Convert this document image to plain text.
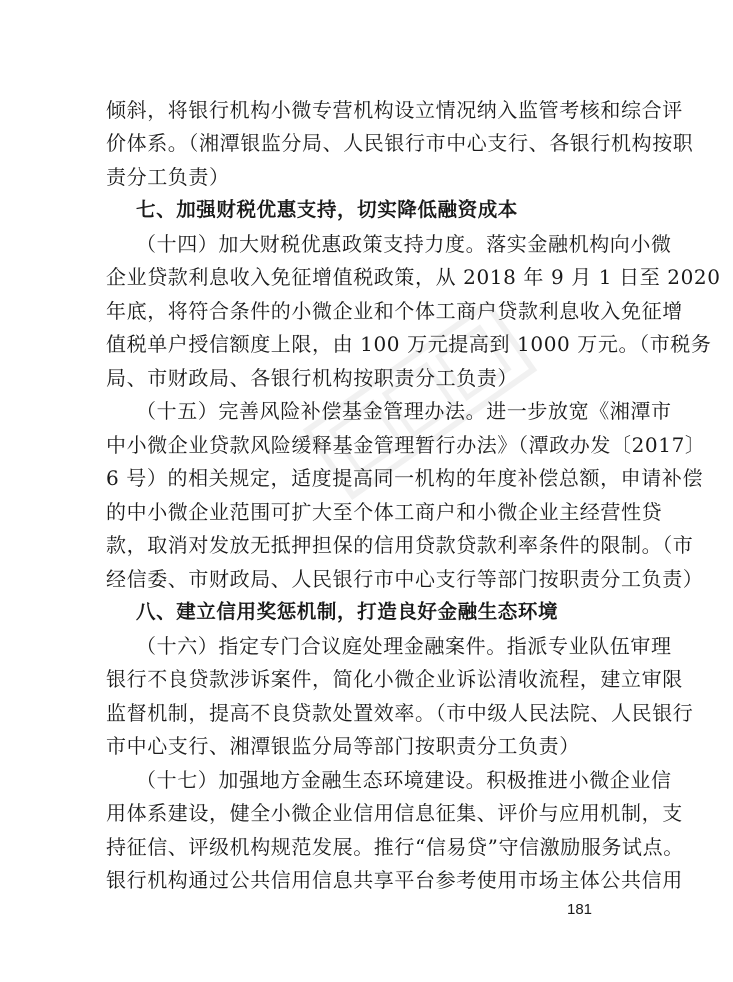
倾斜，将银行机构小微专营机构设立情况纳入监管考核和综合评
价体系。（湘潭银监分局、人民银行市中心支行、各银行机构按职
责分工负责）
七、加强财税优惠支持，切实降低融资成本
（十四）加大财税优惠政策支持力度。落实金融机构向小微
企业贷款利息收入免征增值税政策，从 2018 年 9 月 1 日至 2020
年底，将符合条件的小微企业和个体工商户贷款利息收入免征增
值税单户授信额度上限，由 100 万元提高到 1000 万元。（市税务
局、市财政局、各银行机构按职责分工负责）
（十五）完善风险补偿基金管理办法。进一步放宽《湘潭市
中小微企业贷款风险缓释基金管理暂行办法》（潭政办发〔2017〕
6 号）的相关规定，适度提高同一机构的年度补偿总额，申请补偿
的中小微企业范围可扩大至个体工商户和小微企业主经营性贷
款，取消对发放无抵押担保的信用贷款贷款利率条件的限制。（市
经信委、市财政局、人民银行市中心支行等部门按职责分工负责）
八、建立信用奖惩机制，打造良好金融生态环境
（十六）指定专门合议庭处理金融案件。指派专业队伍审理
银行不良贷款涉诉案件，简化小微企业诉讼清收流程，建立审限
监督机制，提高不良贷款处置效率。（市中级人民法院、人民银行
市中心支行、湘潭银监分局等部门按职责分工负责）
（十七）加强地方金融生态环境建设。积极推进小微企业信
用体系建设，健全小微企业信用信息征集、评价与应用机制，支
持征信、评级机构规范发展。推行“信易贷”守信激励服务试点。
银行机构通过公共信用信息共享平台参考使用市场主体公共信用
181
